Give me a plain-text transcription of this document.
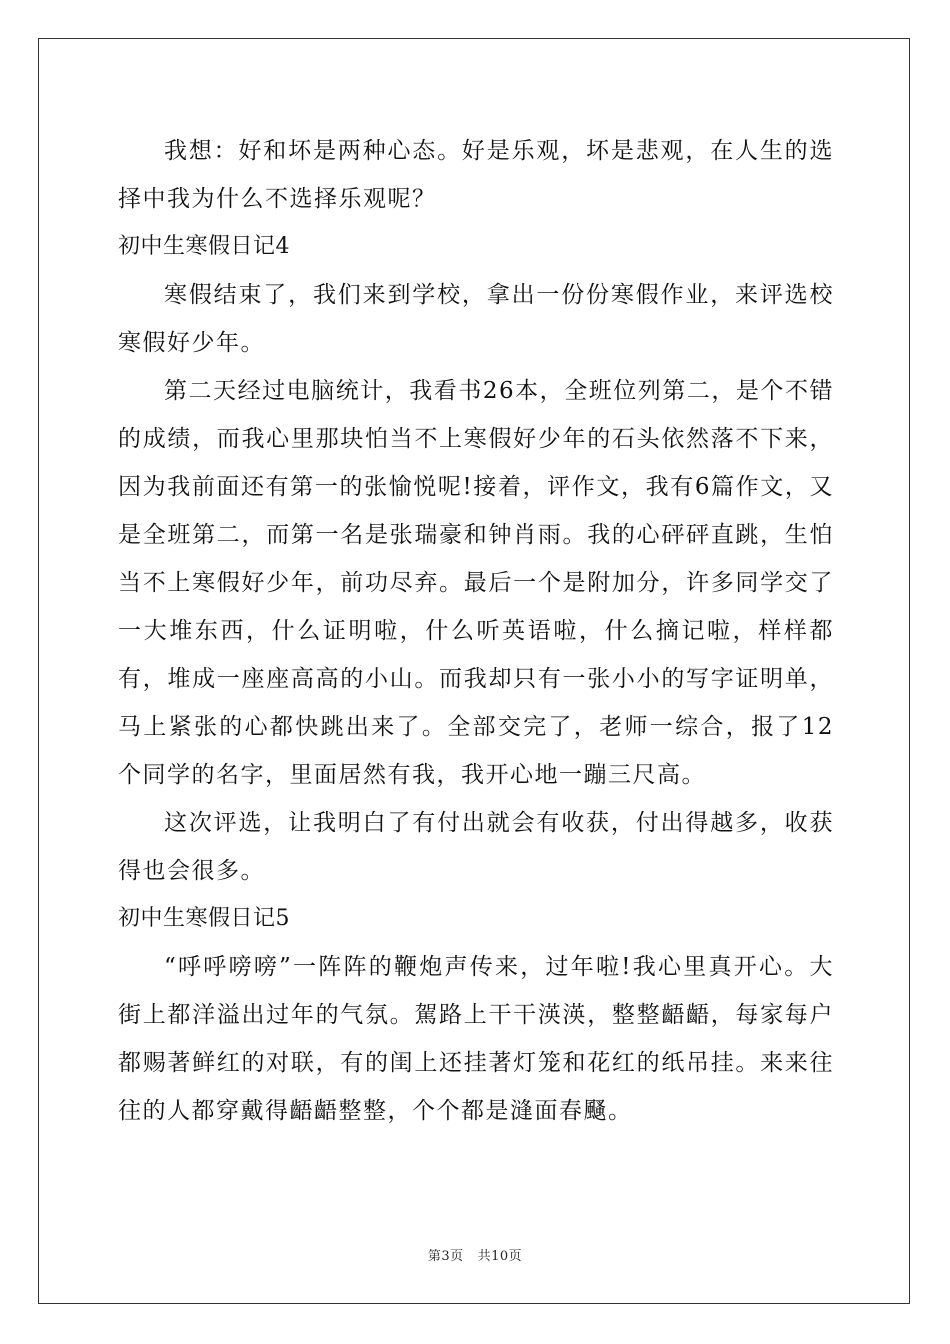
我想：好和坏是两种心态。好是乐观，坏是悲观，在人生的选择中我为什么不选择乐观呢？

初中生寒假日记4

寒假结束了，我们来到学校，拿出一份份寒假作业，来评选校寒假好少年。

第二天经过电脑统计，我看书26本，全班位列第二，是个不错的成绩，而我心里那块怕当不上寒假好少年的石头依然落不下来，因为我前面还有第一的张愉悦呢!接着，评作文，我有6篇作文，又是全班第二，而第一名是张瑞豪和钟肖雨。我的心砰砰直跳，生怕当不上寒假好少年，前功尽弃。最后一个是附加分，许多同学交了一大堆东西，什么证明啦，什么听英语啦，什么摘记啦，样样都有，堆成一座座高高的小山。而我却只有一张小小的写字证明单，马上紧张的心都快跳出来了。全部交完了，老师一综合，报了12个同学的名字，里面居然有我，我开心地一蹦三尺高。

这次评选，让我明白了有付出就会有收获，付出得越多，收获得也会很多。

初中生寒假日记5

“呼呼嗙嗙”一阵阵的鞭炮声传来，过年啦!我心里真开心。大街上都洋溢出过年的气氛。駕路上干干渶渶，整整齬齬，每家每户都赐著鲜红的对联，有的闺上还挂著灯笼和花红的纸吊挂。来来往往的人都穿戴得齬齬整整，个个都是漨面春颾。

第3页 共10页
